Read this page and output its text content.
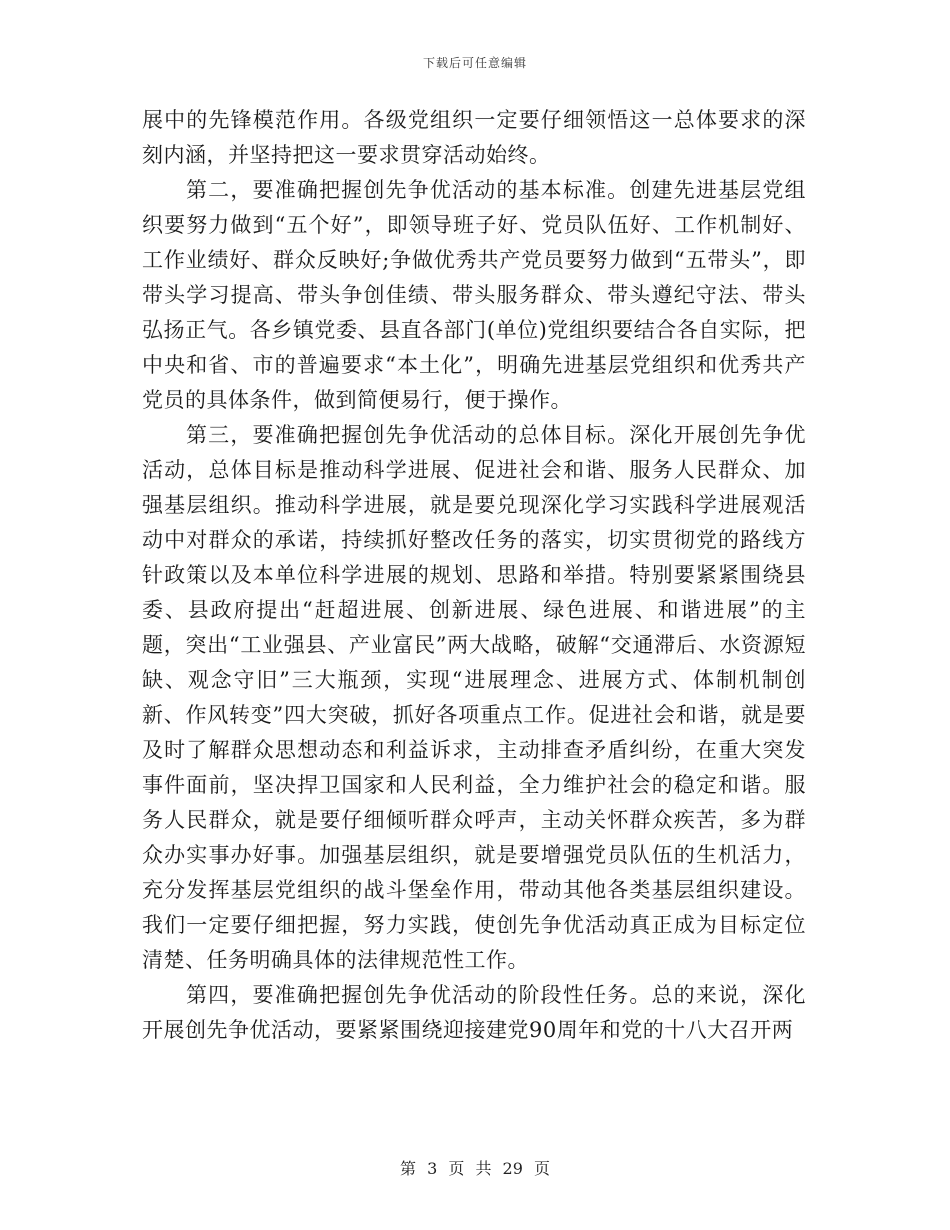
下载后可任意编辑

展中的先锋模范作用。各级党组织一定要仔细领悟这一总体要求的深刻内涵，并坚持把这一要求贯穿活动始终。

第二，要准确把握创先争优活动的基本标准。创建先进基层党组织要努力做到“五个好”，即领导班子好、党员队伍好、工作机制好、工作业绩好、群众反映好;争做优秀共产党员要努力做到“五带头”，即带头学习提高、带头争创佳绩、带头服务群众、带头遵纪守法、带头弘扬正气。各乡镇党委、县直各部门(单位)党组织要结合各自实际，把中央和省、市的普遍要求“本土化”，明确先进基层党组织和优秀共产党员的具体条件，做到简便易行，便于操作。

第三，要准确把握创先争优活动的总体目标。深化开展创先争优活动，总体目标是推动科学进展、促进社会和谐、服务人民群众、加强基层组织。推动科学进展，就是要兑现深化学习实践科学进展观活动中对群众的承诺，持续抓好整改任务的落实，切实贯彻党的路线方针政策以及本单位科学进展的规划、思路和举措。特别要紧紧围绕县委、县政府提出“赶超进展、创新进展、绿色进展、和谐进展”的主题，突出“工业强县、产业富民”两大战略，破解“交通滞后、水资源短缺、观念守旧”三大瓶颈，实现“进展理念、进展方式、体制机制创新、作风转变”四大突破，抓好各项重点工作。促进社会和谐，就是要及时了解群众思想动态和利益诉求，主动排查矛盾纠纷，在重大突发事件面前，坚决捍卫国家和人民利益，全力维护社会的稳定和谐。服务人民群众，就是要仔细倾听群众呼声，主动关怀群众疾苦，多为群众办实事办好事。加强基层组织，就是要增强党员队伍的生机活力，充分发挥基层党组织的战斗堡垒作用，带动其他各类基层组织建设。我们一定要仔细把握，努力实践，使创先争优活动真正成为目标定位清楚、任务明确具体的法律规范性工作。

第四，要准确把握创先争优活动的阶段性任务。总的来说，深化开展创先争优活动，要紧紧围绕迎接建党90周年和党的十八大召开两

第 3 页 共 29 页
